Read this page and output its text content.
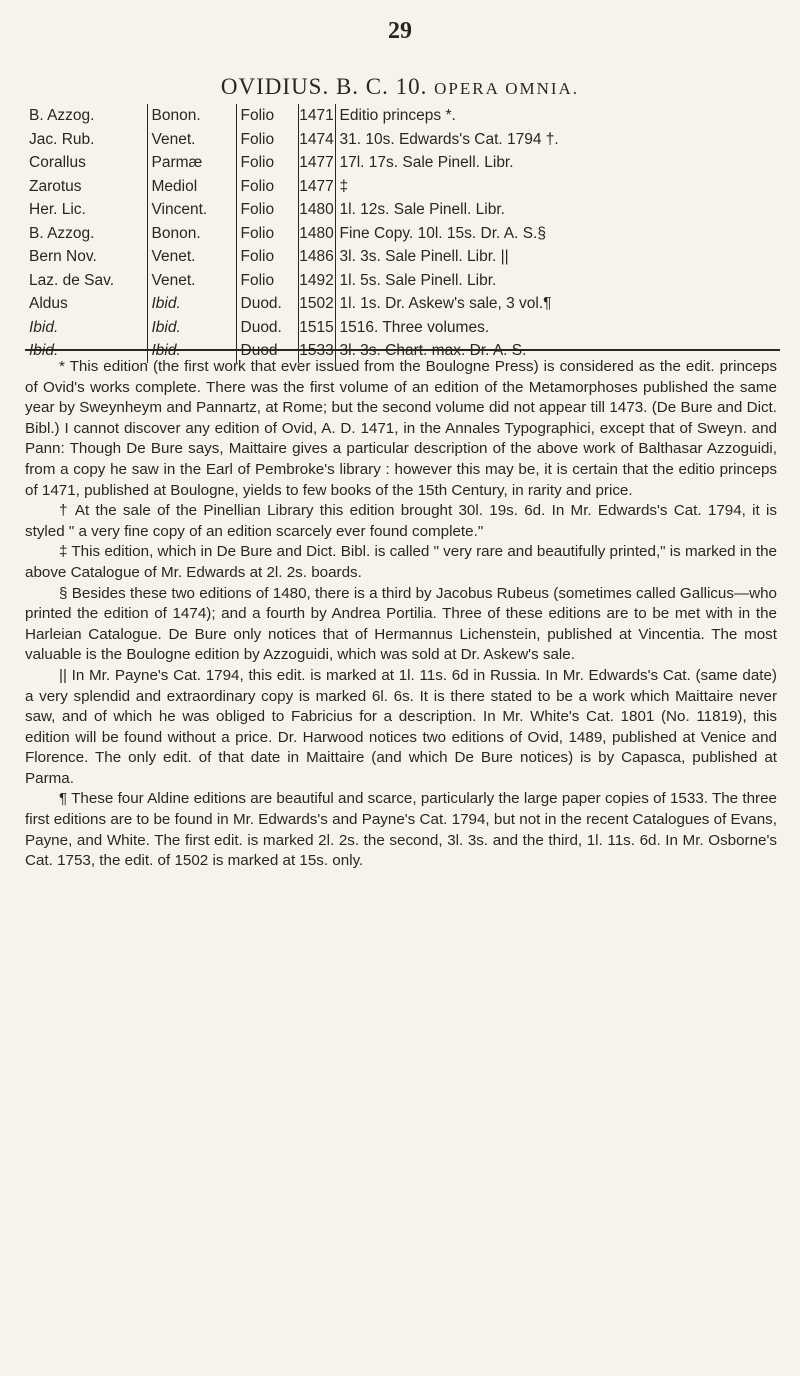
29
OVIDIUS. B. C. 10. OPERA OMNIA.
B. Azzog.	Bonon.	Folio	1471	Editio princeps *.
Jac. Rub.	Venet.	Folio	1474	31. 10s. Edwards's Cat. 1794 †.
Corallus	Parmæ	Folio	1477	17l. 17s. Sale Pinell. Libr.
Zarotus	Mediol	Folio	1477	‡
Her. Lic.	Vincent.	Folio	1480	1l. 12s. Sale Pinell. Libr.
B. Azzog.	Bonon.	Folio	1480	Fine Copy. 10l. 15s. Dr. A. S.§
Bern Nov.	Venet.	Folio	1486	3l. 3s. Sale Pinell. Libr. ||
Laz. de Sav.	Venet.	Folio	1492	1l. 5s. Sale Pinell. Libr.
Aldus	Ibid.	Duod.	1502	1l. 1s. Dr. Askew's sale, 3 vol.¶
Ibid.	Ibid.	Duod.	1515	1516. Three volumes.
Ibid.	Ibid.	Duod	1533	3l. 3s. Chart. max. Dr. A. S.

* This edition (the first work that ever issued from the Boulogne Press) is considered as the edit. princeps of Ovid's works complete. There was the first volume of an edition of the Metamorphoses published the same year by Sweynheym and Pannartz, at Rome; but the second volume did not appear till 1473. (De Bure and Dict. Bibl.) I cannot discover any edition of Ovid, A. D. 1471, in the Annales Typographici, except that of Sweyn. and Pann: Though De Bure says, Maittaire gives a particular description of the above work of Balthasar Azzoguidi, from a copy he saw in the Earl of Pembroke's library : however this may be, it is certain that the editio princeps of 1471, published at Boulogne, yields to few books of the 15th Century, in rarity and price.

† At the sale of the Pinellian Library this edition brought 30l. 19s. 6d. In Mr. Edwards's Cat. 1794, it is styled " a very fine copy of an edition scarcely ever found complete."

‡ This edition, which in De Bure and Dict. Bibl. is called " very rare and beautifully printed," is marked in the above Catalogue of Mr. Edwards at 2l. 2s. boards.

§ Besides these two editions of 1480, there is a third by Jacobus Rubeus (sometimes called Gallicus—who printed the edition of 1474); and a fourth by Andrea Portilia. Three of these editions are to be met with in the Harleian Catalogue. De Bure only notices that of Hermannus Lichenstein, published at Vincentia. The most valuable is the Boulogne edition by Azzoguidi, which was sold at Dr. Askew's sale.

|| In Mr. Payne's Cat. 1794, this edit. is marked at 1l. 11s. 6d in Russia. In Mr. Edwards's Cat. (same date) a very splendid and extraordinary copy is marked 6l. 6s. It is there stated to be a work which Maittaire never saw, and of which he was obliged to Fabricius for a description. In Mr. White's Cat. 1801 (No. 11819), this edition will be found without a price. Dr. Harwood notices two editions of Ovid, 1489, published at Venice and Florence. The only edit. of that date in Maittaire (and which De Bure notices) is by Capasca, published at Parma.

¶ These four Aldine editions are beautiful and scarce, particularly the large paper copies of 1533. The three first editions are to be found in Mr. Edwards's and Payne's Cat. 1794, but not in the recent Catalogues of Evans, Payne, and White. The first edit. is marked 2l. 2s. the second, 3l. 3s. and the third, 1l. 11s. 6d. In Mr. Osborne's Cat. 1753, the edit. of 1502 is marked at 15s. only.
